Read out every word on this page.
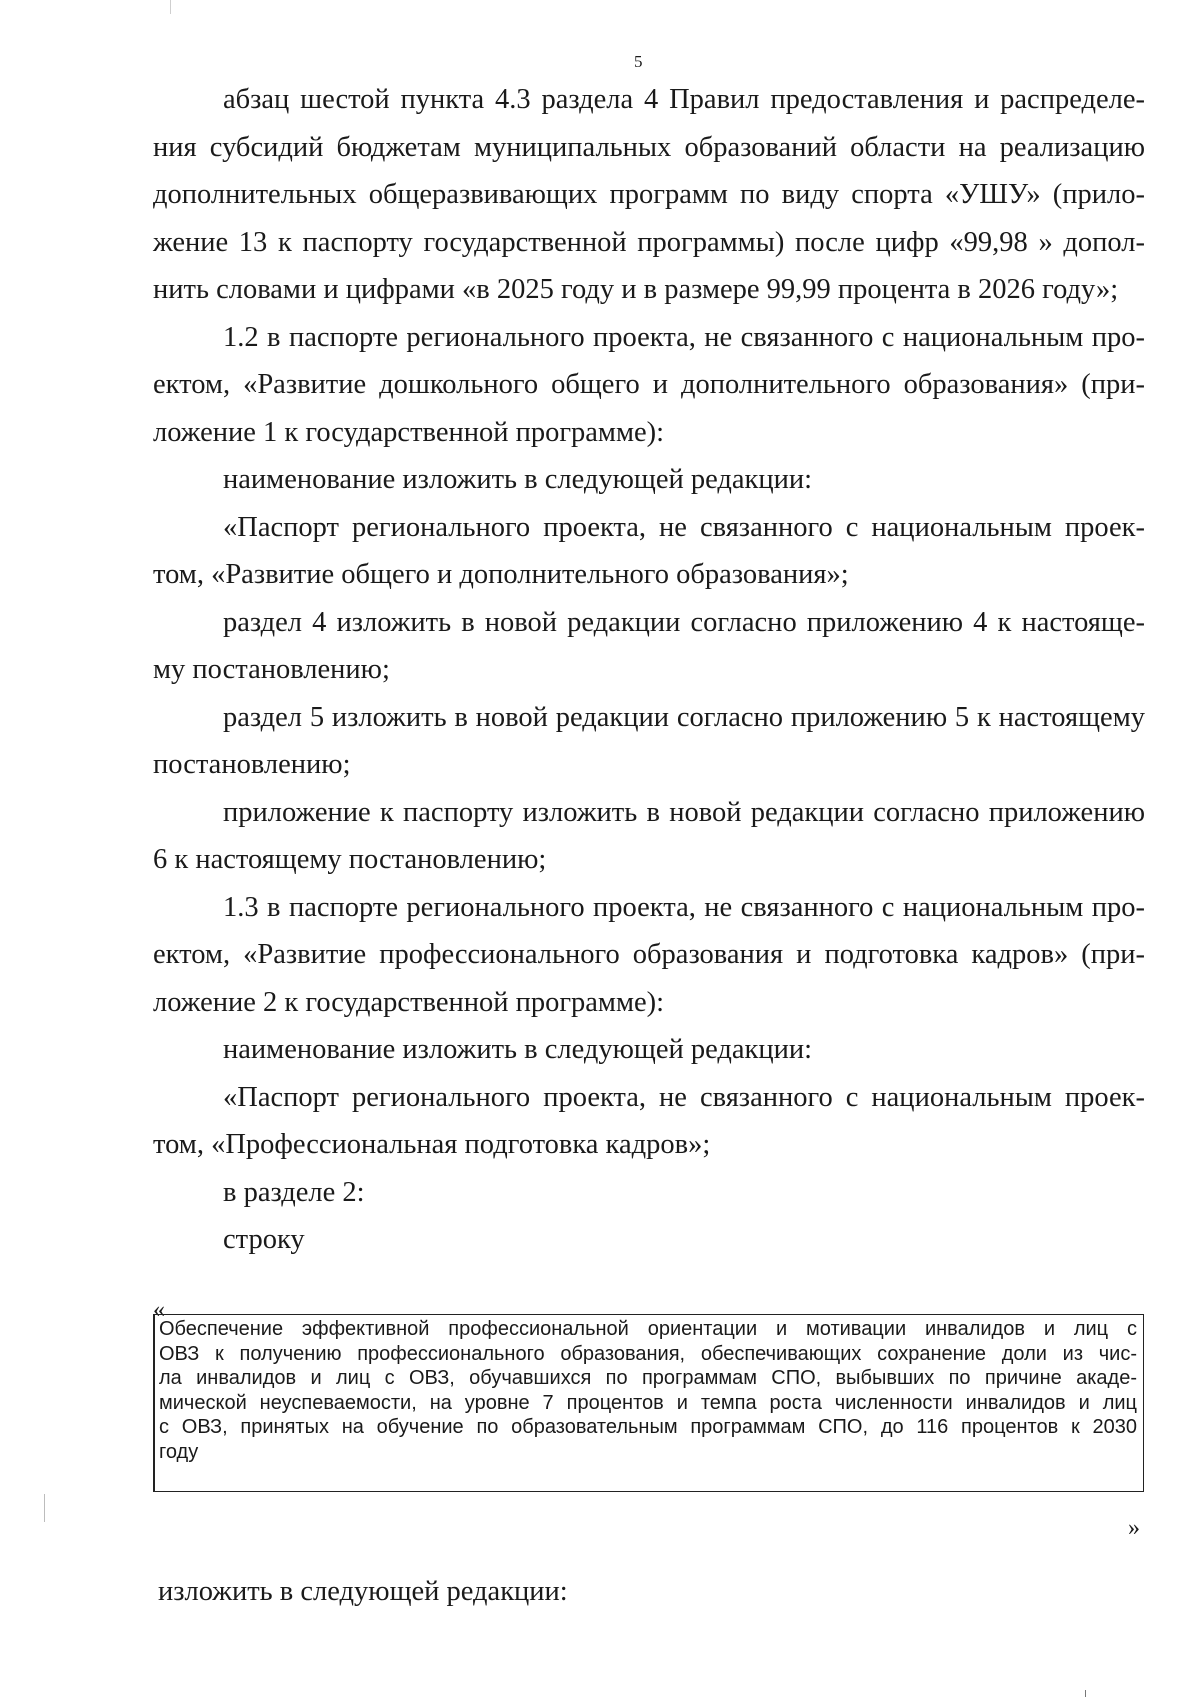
5

абзац шестой пункта 4.3 раздела 4 Правил предоставления и распределе-
ния субсидий бюджетам муниципальных образований области на реализацию
дополнительных общеразвивающих программ по виду спорта «УШУ» (прило-
жение 13 к паспорту государственной программы) после цифр «99,98 » допол-
нить словами и цифрами «в 2025 году и в размере 99,99 процента в 2026 году»;

1.2 в паспорте регионального проекта, не связанного с национальным про-
ектом, «Развитие дошкольного общего и дополнительного образования» (при-
ложение 1 к государственной программе):

наименование изложить в следующей редакции:

«Паспорт регионального проекта, не связанного с национальным проек-
том, «Развитие общего и дополнительного образования»;

раздел 4 изложить в новой редакции согласно приложению 4 к настояще-
му постановлению;

раздел 5 изложить в новой редакции согласно приложению 5 к настоящему
постановлению;

приложение к паспорту изложить в новой редакции согласно приложению
6 к настоящему постановлению;

1.3 в паспорте регионального проекта, не связанного с национальным про-
ектом, «Развитие профессионального образования и подготовка кадров» (при-
ложение 2 к государственной программе):

наименование изложить в следующей редакции:

«Паспорт регионального проекта, не связанного с национальным проек-
том, «Профессиональная подготовка кадров»;

в разделе 2:

строку

«
Обеспечение эффективной профессиональной ориентации и мотивации инвалидов и лиц с
ОВЗ к получению профессионального образования, обеспечивающих сохранение доли из чис-
ла инвалидов и лиц с ОВЗ, обучавшихся по программам СПО, выбывших по причине акаде-
мической неуспеваемости, на уровне 7 процентов и темпа роста численности инвалидов и лиц
с ОВЗ, принятых на обучение по образовательным программам СПО, до 116 процентов к 2030
году
»
изложить в следующей редакции:
